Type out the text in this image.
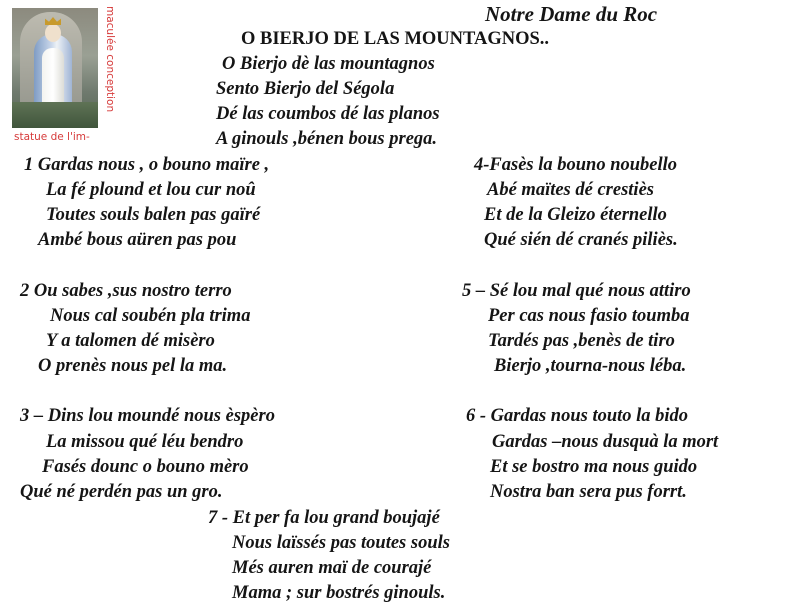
maculée conception
statue de l'im-
Notre Dame du Roc
O BIERJO DE LAS MOUNTAGNOS..
O Bierjo dè las mountagnos
Sento Bierjo del Ségola
Dé las coumbos dé las planos
A ginouls ,bénen bous prega.
1 Gardas nous , o bouno maïre ,
La fé plound et lou cur noû
Toutes souls balen pas gaïré
Ambé bous aüren pas pou
4-Fasès la bouno noubello
Abé maïtes dé crestiès
Et de la Gleizo éternello
Qué sién dé cranés piliès.
2 Ou sabes ,sus nostro terro
Nous cal soubén pla trima
Y a talomen dé misèro
O prenès nous pel la ma.
5 – Sé lou mal qué nous attiro
Per cas nous fasio toumba
Tardés pas ,benès de tiro
Bierjo ,tourna-nous léba.
3 – Dins lou moundé nous èspèro
La missou qué léu bendro
Fasés dounc o bouno mèro
Qué né perdén pas un gro.
6 - Gardas nous touto la bido
Gardas –nous dusquà la mort
Et se bostro ma nous guido
Nostra ban sera pus forrt.
7 - Et per fa lou grand boujajé
Nous laïssés pas toutes souls
Més auren maï de courajé
Mama ; sur bostrés ginouls.
